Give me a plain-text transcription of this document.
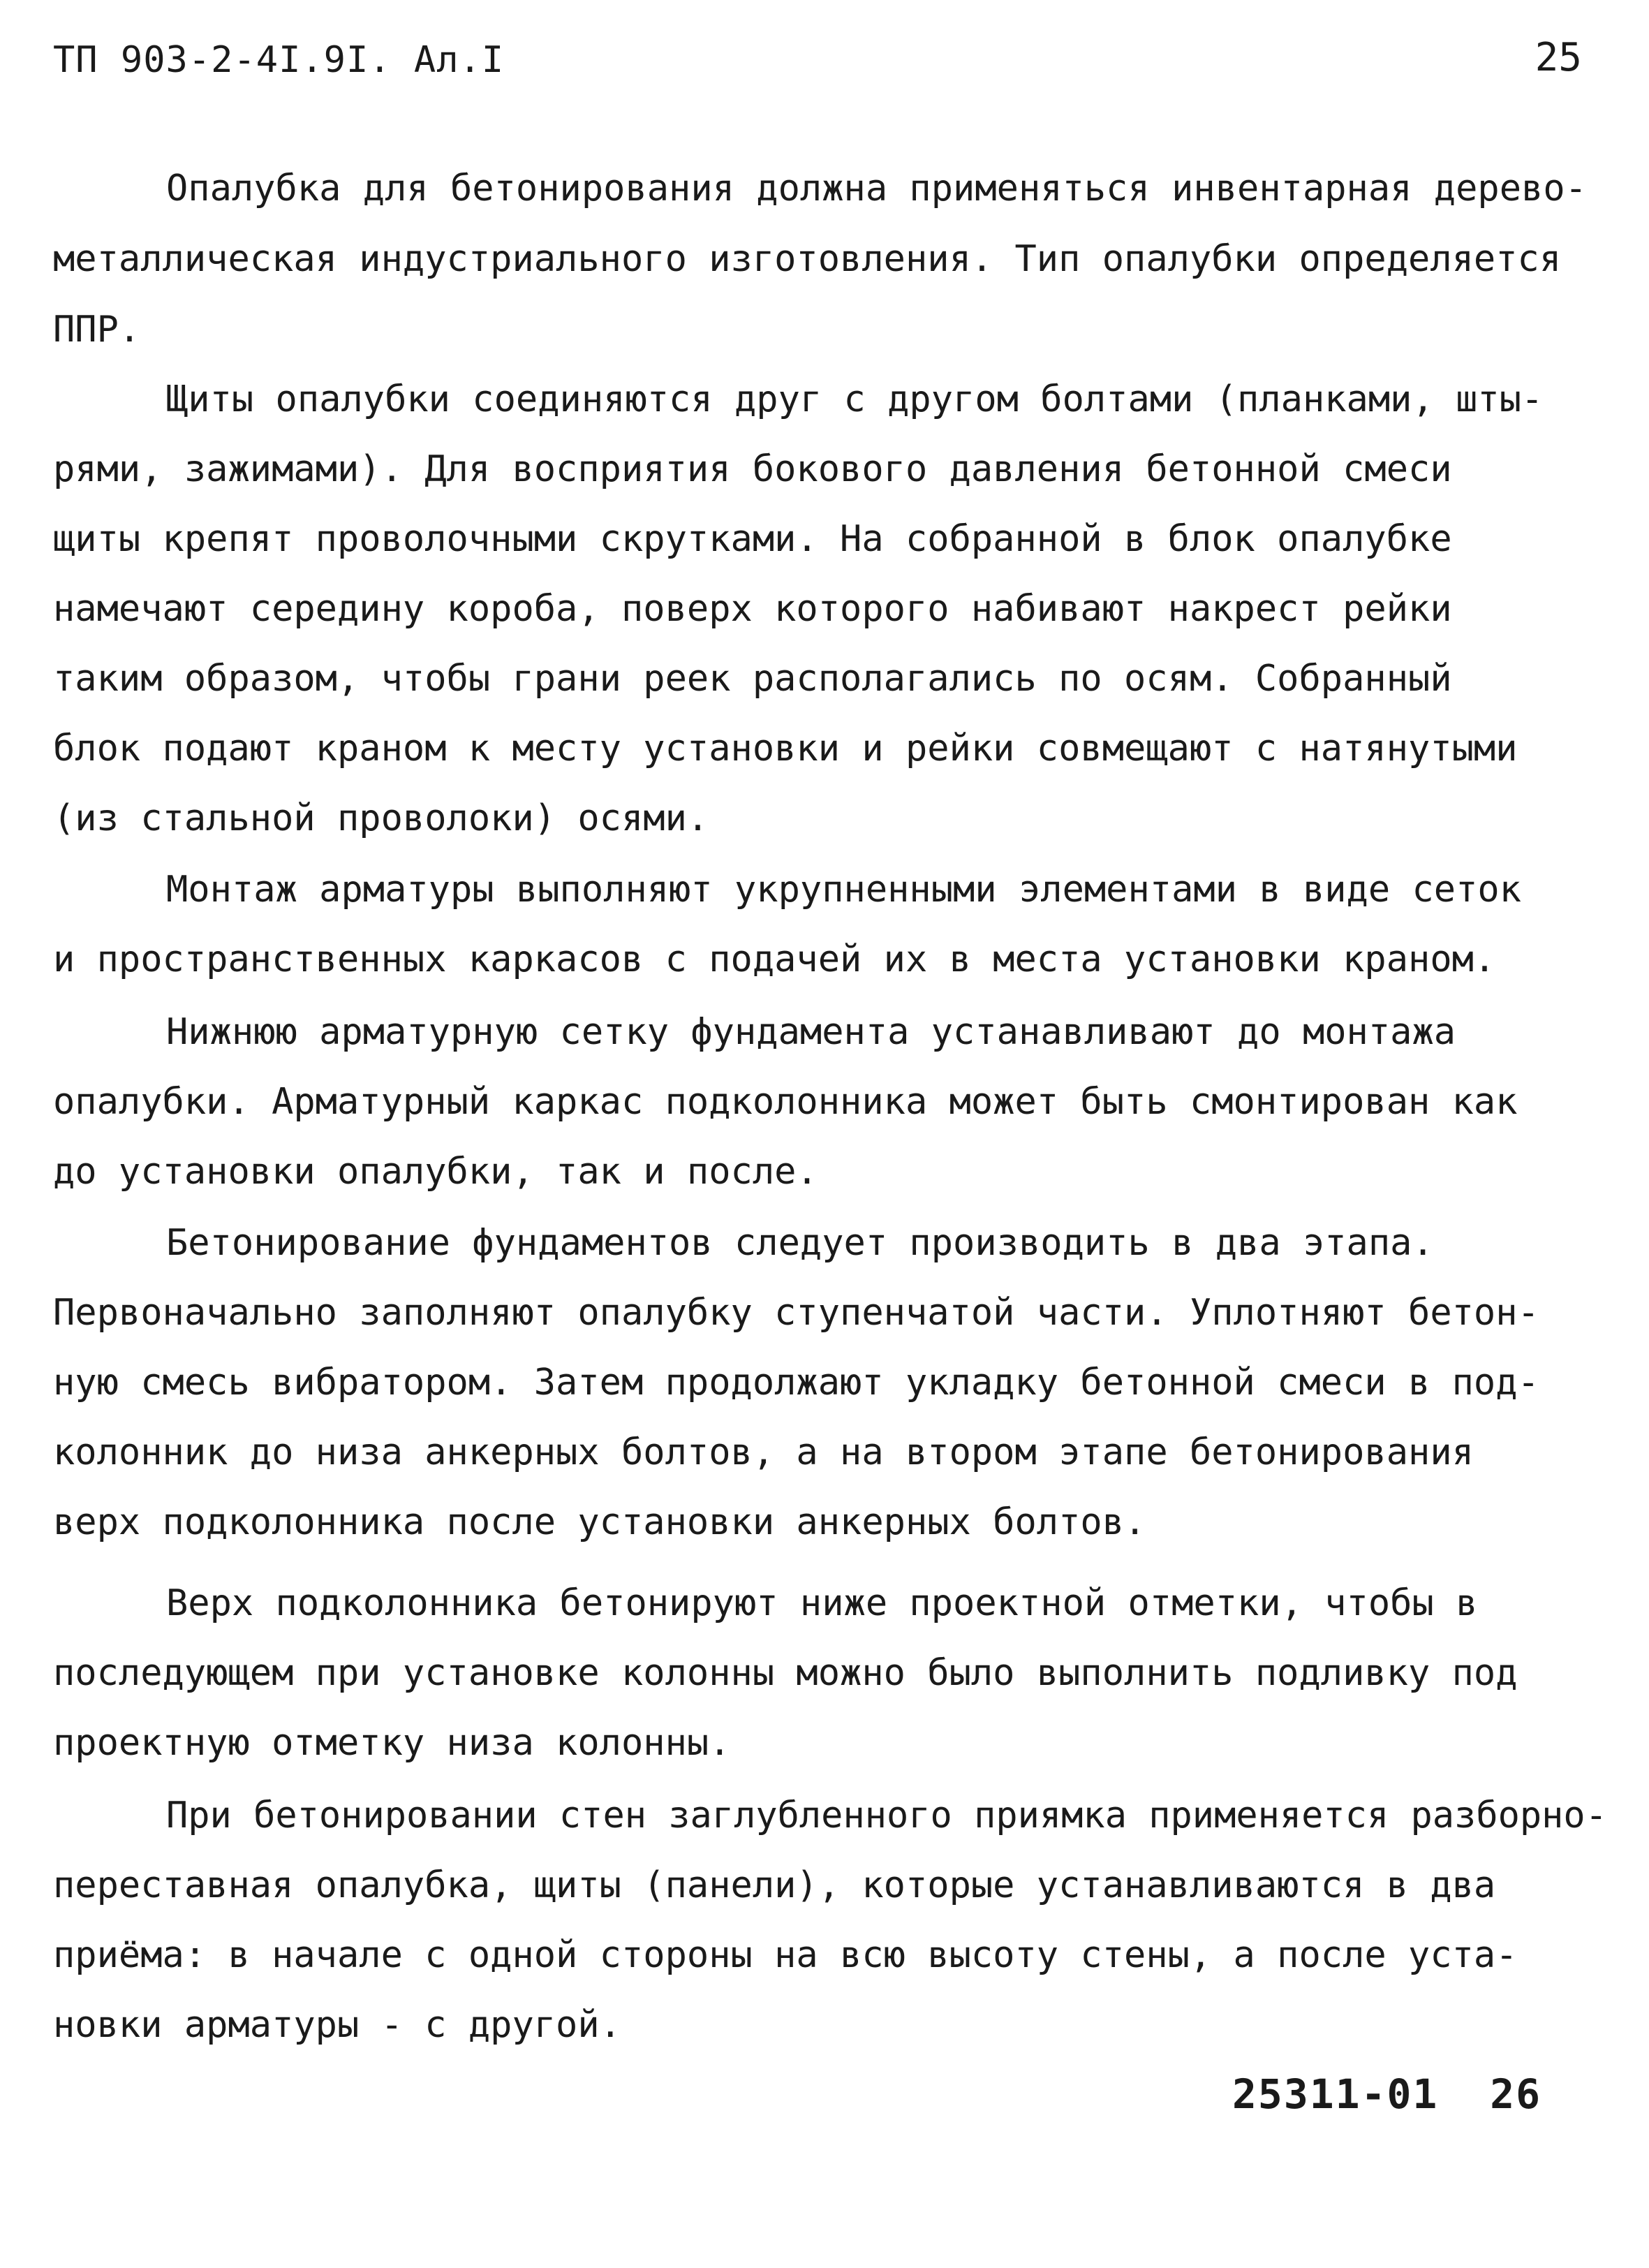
ТП 903-2-4I.9I. Ал.I	25
Опалубка для бетонирования должна применяться инвентарная дерево-
металлическая индустриального изготовления. Тип опалубки определяется
ППР.
Щиты опалубки соединяются друг с другом болтами (планками, шты-
рями, зажимами). Для восприятия бокового давления бетонной смеси
щиты крепят проволочными скрутками. На собранной в блок опалубке
намечают середину короба, поверх которого набивают накрест рейки
таким образом, чтобы грани реек располагались по осям. Собранный
блок подают краном к месту установки и рейки совмещают с натянутыми
(из стальной проволоки) осями.
Монтаж арматуры выполняют укрупненными элементами в виде сеток
и пространственных каркасов с подачей их в места установки краном.
Нижнюю арматурную сетку фундамента устанавливают до монтажа
опалубки. Арматурный каркас подколонника может быть смонтирован как
до установки опалубки, так и после.
Бетонирование фундаментов следует производить в два этапа.
Первоначально заполняют опалубку ступенчатой части. Уплотняют бетон-
ную смесь вибратором. Затем продолжают укладку бетонной смеси в под-
колонник до низа анкерных болтов, а на втором этапе бетонирования
верх подколонника после установки анкерных болтов.
Верх подколонника бетонируют ниже проектной отметки, чтобы в
последующем при установке колонны можно было выполнить подливку под
проектную отметку низа колонны.
При бетонировании стен заглубленного приямка применяется разборно-
переставная опалубка, щиты (панели), которые устанавливаются в два
приёма: в начале с одной стороны на всю высоту стены, а после уста-
новки арматуры - с другой.
25311-01  26
